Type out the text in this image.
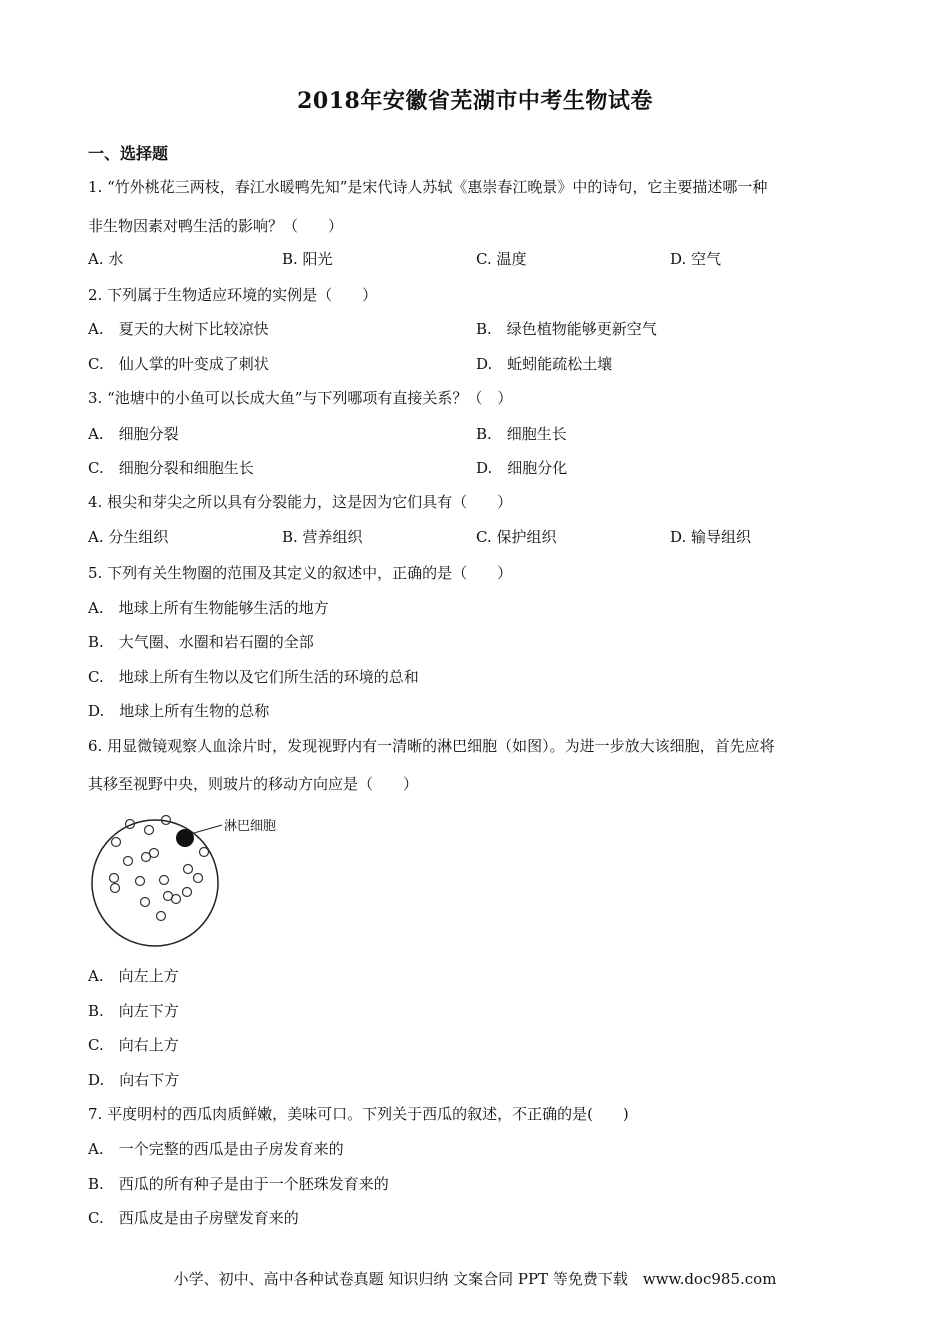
2018年安徽省芜湖市中考生物试卷
一、选择题
1. “竹外桃花三两枝，春江水暖鸭先知”是宋代诗人苏轼《惠崇春江晚景》中的诗句，它主要描述哪一种
非生物因素对鸭生活的影响？（　　）
A. 水	B. 阳光	C. 温度	D. 空气
2. 下列属于生物适应环境的实例是（　　）
A.　夏天的大树下比较凉快	B.　绿色植物能够更新空气
C.　仙人掌的叶变成了刺状	D.　蚯蚓能疏松土壤
3. “池塘中的小鱼可以长成大鱼”与下列哪项有直接关系？（　）
A.　细胞分裂	B.　细胞生长
C.　细胞分裂和细胞生长	D.　细胞分化
4. 根尖和芽尖之所以具有分裂能力，这是因为它们具有（　　）
A. 分生组织	B. 营养组织	C. 保护组织	D. 输导组织
5. 下列有关生物圈的范围及其定义的叙述中，正确的是（　　）
A.　地球上所有生物能够生活的地方
B.　大气圈、水圈和岩石圈的全部
C.　地球上所有生物以及它们所生活的环境的总和
D.　地球上所有生物的总称
6. 用显微镜观察人血涂片时，发现视野内有一清晰的淋巴细胞（如图）。为进一步放大该细胞，首先应将
其移至视野中央，则玻片的移动方向应是（　　）
淋巴细胞
A.　向左上方
B.　向左下方
C.　向右上方
D.　向右下方
7. 平度明村的西瓜肉质鲜嫩，美味可口。下列关于西瓜的叙述，不正确的是(　　)
A.　一个完整的西瓜是由子房发育来的
B.　西瓜的所有种子是由于一个胚珠发育来的
C.　西瓜皮是由子房壁发育来的
小学、初中、高中各种试卷真题 知识归纳 文案合同 PPT 等免费下载　www.doc985.com
